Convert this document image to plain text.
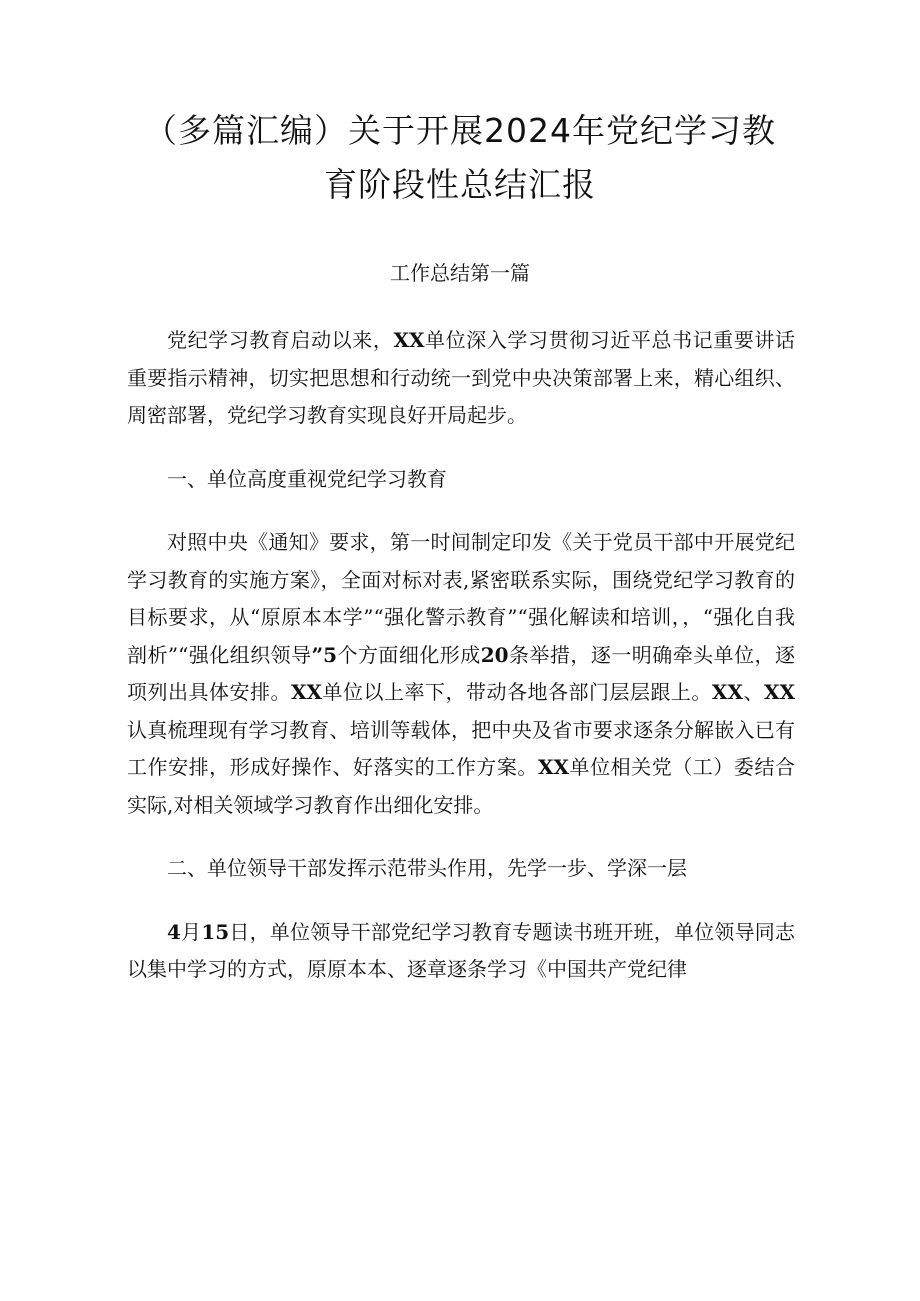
（多篇汇编）关于开展2024年党纪学习教
育阶段性总结汇报

工作总结第一篇

党纪学习教育启动以来，XX单位深入学习贯彻习近平总书记重要讲话重要指示精神，切实把思想和行动统一到党中央决策部署上来，精心组织、周密部署，党纪学习教育实现良好开局起步。

一、单位高度重视党纪学习教育

对照中央《通知》要求，第一时间制定印发《关于党员干部中开展党纪学习教育的实施方案》，全面对标对表,紧密联系实际，围绕党纪学习教育的目标要求，从“原原本本学”“强化警示教育”“强化解读和培训，，“强化自我剖析”“强化组织领导”5个方面细化形成20条举措，逐一明确牵头单位，逐项列出具体安排。XX单位以上率下，带动各地各部门层层跟上。XX、XX认真梳理现有学习教育、培训等载体，把中央及省市要求逐条分解嵌入已有工作安排，形成好操作、好落实的工作方案。XX单位相关党（工）委结合实际,对相关领域学习教育作出细化安排。

二、单位领导干部发挥示范带头作用，先学一步、学深一层

4月15日，单位领导干部党纪学习教育专题读书班开班，单位领导同志以集中学习的方式，原原本本、逐章逐条学习《中国共产党纪律
